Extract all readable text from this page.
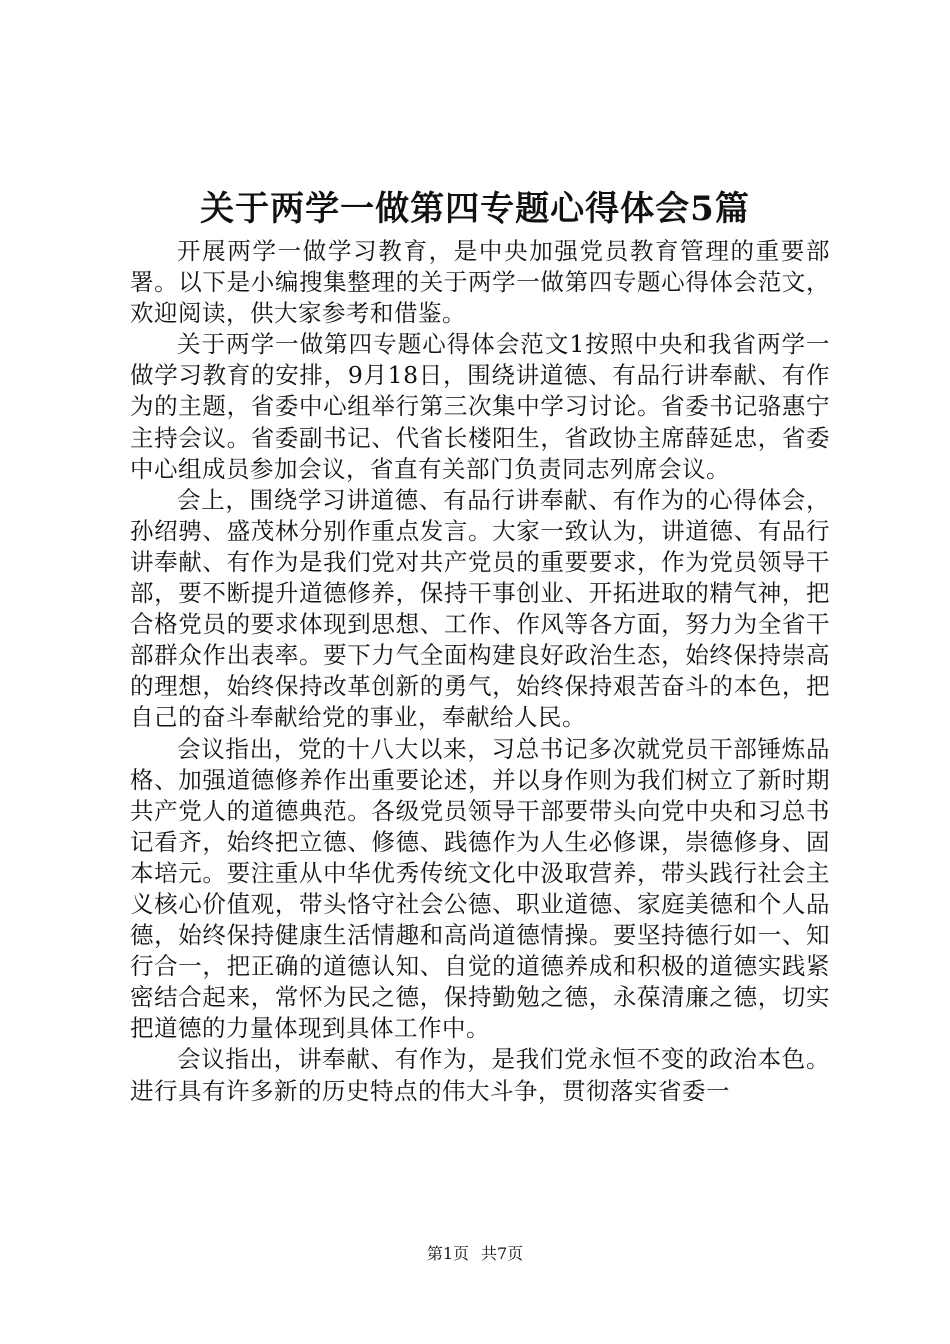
关于两学一做第四专题心得体会5篇

开展两学一做学习教育，是中央加强党员教育管理的重要部署。以下是小编搜集整理的关于两学一做第四专题心得体会范文，欢迎阅读，供大家参考和借鉴。

关于两学一做第四专题心得体会范文1按照中央和我省两学一做学习教育的安排，9月18日，围绕讲道德、有品行讲奉献、有作为的主题，省委中心组举行第三次集中学习讨论。省委书记骆惠宁主持会议。省委副书记、代省长楼阳生，省政协主席薛延忠，省委中心组成员参加会议，省直有关部门负责同志列席会议。

会上，围绕学习讲道德、有品行讲奉献、有作为的心得体会，孙绍骋、盛茂林分别作重点发言。大家一致认为，讲道德、有品行讲奉献、有作为是我们党对共产党员的重要要求，作为党员领导干部，要不断提升道德修养，保持干事创业、开拓进取的精气神，把合格党员的要求体现到思想、工作、作风等各方面，努力为全省干部群众作出表率。要下力气全面构建良好政治生态，始终保持崇高的理想，始终保持改革创新的勇气，始终保持艰苦奋斗的本色，把自己的奋斗奉献给党的事业，奉献给人民。

会议指出，党的十八大以来，习总书记多次就党员干部锤炼品格、加强道德修养作出重要论述，并以身作则为我们树立了新时期共产党人的道德典范。各级党员领导干部要带头向党中央和习总书记看齐，始终把立德、修德、践德作为人生必修课，崇德修身、固本培元。要注重从中华优秀传统文化中汲取营养，带头践行社会主义核心价值观，带头恪守社会公德、职业道德、家庭美德和个人品德，始终保持健康生活情趣和高尚道德情操。要坚持德行如一、知行合一，把正确的道德认知、自觉的道德养成和积极的道德实践紧密结合起来，常怀为民之德，保持勤勉之德，永葆清廉之德，切实把道德的力量体现到具体工作中。

会议指出，讲奉献、有作为，是我们党永恒不变的政治本色。进行具有许多新的历史特点的伟大斗争，贯彻落实省委一

第1页 共7页
